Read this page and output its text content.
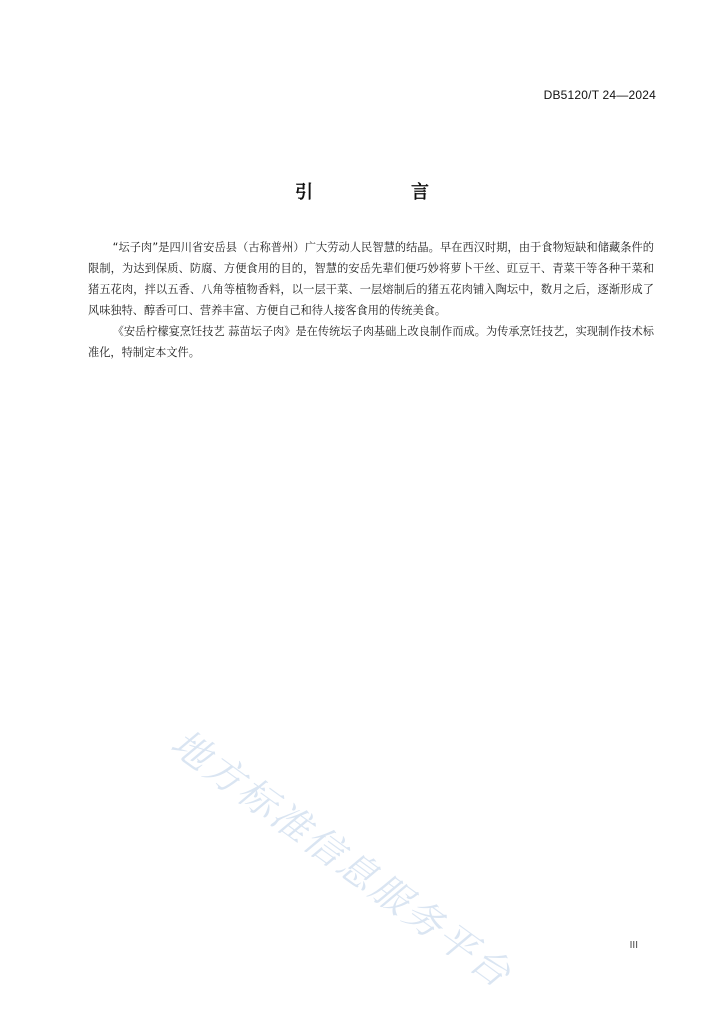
DB5120/T 24—2024
引　言

“坛子肉”是四川省安岳县（古称普州）广大劳动人民智慧的结晶。早在西汉时期，由于食物短缺和储藏条件的限制，为达到保质、防腐、方便食用的目的，智慧的安岳先辈们便巧妙将萝卜干丝、豇豆干、青菜干等各种干菜和猪五花肉，拌以五香、八角等植物香料，以一层干菜、一层熔制后的猪五花肉铺入陶坛中，数月之后，逐渐形成了风味独特、醇香可口、营养丰富、方便自己和待人接客食用的传统美食。

《安岳柠檬宴烹饪技艺 蒜苗坛子肉》是在传统坛子肉基础上改良制作而成。为传承烹饪技艺，实现制作技术标准化，特制定本文件。

地方标准信息服务平台	III
